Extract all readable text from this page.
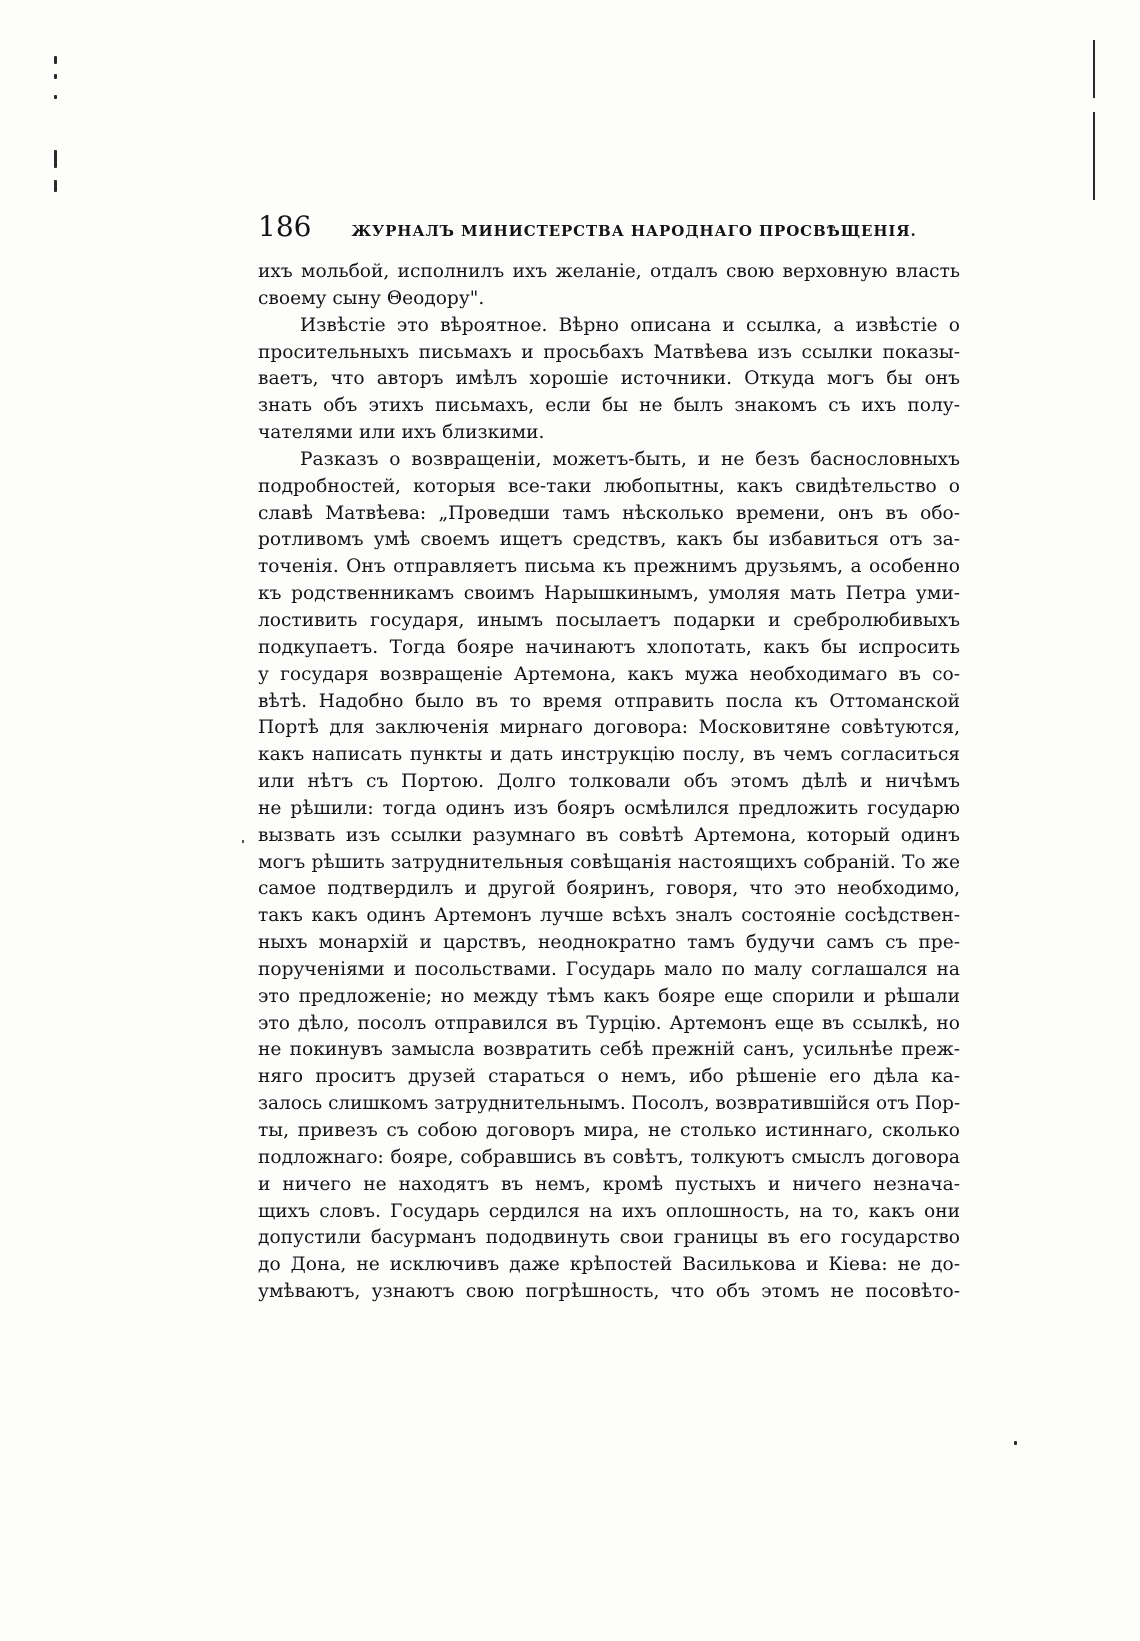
186	ЖУРНАЛЪ МИНИСТЕРСТВА НАРОДНАГО ПРОСВѢЩЕНІЯ.
ихъ мольбой, исполнилъ ихъ желаніе, отдалъ свою верховную власть
своему сыну Θеодору".
Извѣстіе это вѣроятное. Вѣрно описана и ссылка, а извѣстіе о
просительныхъ письмахъ и просьбахъ Матвѣева изъ ссылки показы-
ваетъ, что авторъ имѣлъ хорошіе источники. Откуда могъ бы онъ
знать объ этихъ письмахъ, если бы не былъ знакомъ съ ихъ полу-
чателями или ихъ близкими.
Разказъ о возвращеніи, можетъ-быть, и не безъ баснословныхъ
подробностей, которыя все-таки любопытны, какъ свидѣтельство о
славѣ Матвѣева: „Проведши тамъ нѣсколько времени, онъ въ обо-
ротливомъ умѣ своемъ ищетъ средствъ, какъ бы избавиться отъ за-
точенія. Онъ отправляетъ письма къ прежнимъ друзьямъ, а особенно
къ родственникамъ своимъ Нарышкинымъ, умоляя мать Петра уми-
лостивить государя, инымъ посылаетъ подарки и сребролюбивыхъ
подкупаетъ. Тогда бояре начинаютъ хлопотать, какъ бы испросить
у государя возвращеніе Артемона, какъ мужа необходимаго въ со-
вѣтѣ. Надобно было въ то время отправить посла къ Оттоманской
Портѣ для заключенія мирнаго договора: Московитяне совѣтуются,
какъ написать пункты и дать инструкцію послу, въ чемъ согласиться
или нѣтъ съ Портою. Долго толковали объ этомъ дѣлѣ и ничѣмъ
не рѣшили: тогда одинъ изъ бояръ осмѣлился предложить государю
вызвать изъ ссылки разумнаго въ совѣтѣ Артемона, который одинъ
могъ рѣшить затруднительныя совѣщанія настоящихъ собраній. То же
самое подтвердилъ и другой бояринъ, говоря, что это необходимо,
такъ какъ одинъ Артемонъ лучше всѣхъ зналъ состояніе сосѣдствен-
ныхъ монархій и царствъ, неоднократно тамъ будучи самъ съ пре-
порученіями и посольствами. Государь мало по малу соглашался на
это предложеніе; но между тѣмъ какъ бояре еще спорили и рѣшали
это дѣло, посолъ отправился въ Турцію. Артемонъ еще въ ссылкѣ, но
не покинувъ замысла возвратить себѣ прежній санъ, усильнѣе преж-
няго проситъ друзей стараться о немъ, ибо рѣшеніе его дѣла ка-
залось слишкомъ затруднительнымъ. Посолъ, возвратившійся отъ Пор-
ты, привезъ съ собою договоръ мира, не столько истиннаго, сколько
подложнаго: бояре, собравшись въ совѣтъ, толкуютъ смыслъ договора
и ничего не находятъ въ немъ, кромѣ пустыхъ и ничего незнача-
щихъ словъ. Государь сердился на ихъ оплошность, на то, какъ они
допустили басурманъ пододвинуть свои границы въ его государство
до Дона, не исключивъ даже крѣпостей Василькова и Кіева: не до-
умѣваютъ, узнаютъ свою погрѣшность, что объ этомъ не посовѣто-
